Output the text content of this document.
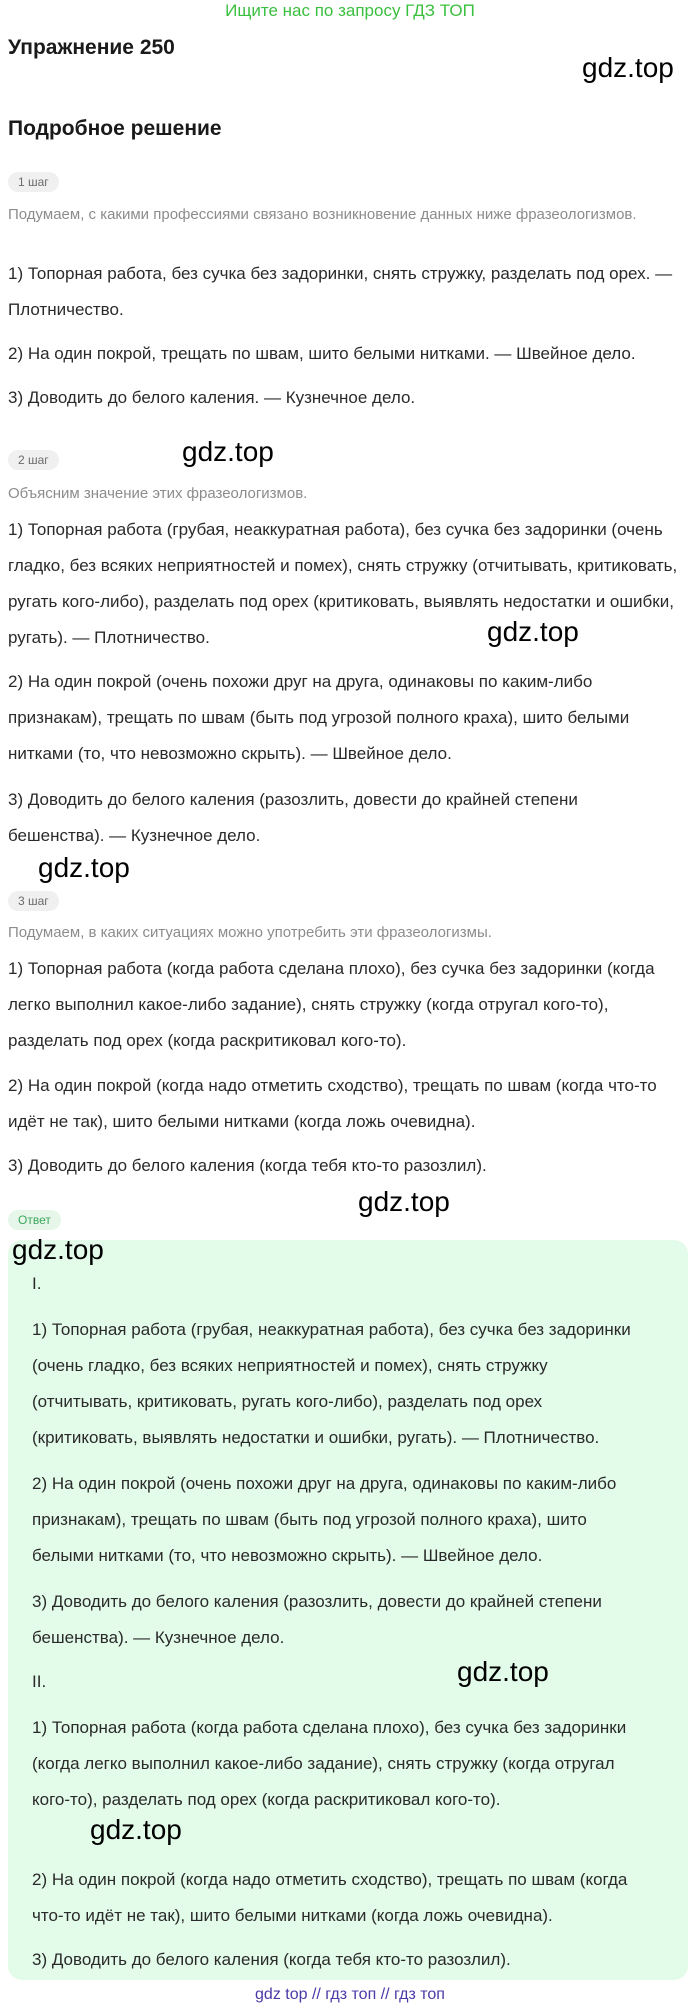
Ищите нас по запросу ГДЗ ТОП
Упражнение 250
gdz.top
Подробное решение
1 шаг
Подумаем, с какими профессиями связано возникновение данных ниже фразеологизмов.

1) Топорная работа, без сучка без задоринки, снять стружку, разделать под орех. — Плотничество.

2) На один покрой, трещать по швам, шито белыми нитками. — Швейное дело.

3) Доводить до белого каления. — Кузнечное дело.

2 шаг	gdz.top
Объясним значение этих фразеологизмов.

1) Топорная работа (грубая, неаккуратная работа), без сучка без задоринки (очень гладко, без всяких неприятностей и помех), снять стружку (отчитывать, критиковать, ругать кого-либо), разделать под орех (критиковать, выявлять недостатки и ошибки, ругать). — Плотничество.	gdz.top

2) На один покрой (очень похожи друг на друга, одинаковы по каким-либо признакам), трещать по швам (быть под угрозой полного краха), шито белыми нитками (то, что невозможно скрыть). — Швейное дело.

3) Доводить до белого каления (разозлить, довести до крайней степени бешенства). — Кузнечное дело.

gdz.top
3 шаг
Подумаем, в каких ситуациях можно употребить эти фразеологизмы.

1) Топорная работа (когда работа сделана плохо), без сучка без задоринки (когда легко выполнил какое-либо задание), снять стружку (когда отругал кого-то), разделать под орех (когда раскритиковал кого-то).

2) На один покрой (когда надо отметить сходство), трещать по швам (когда что-то идёт не так), шито белыми нитками (когда ложь очевидна).

3) Доводить до белого каления (когда тебя кто-то разозлил).

gdz.top
Ответ
gdz.top

I.

1) Топорная работа (грубая, неаккуратная работа), без сучка без задоринки (очень гладко, без всяких неприятностей и помех), снять стружку (отчитывать, критиковать, ругать кого-либо), разделать под орех (критиковать, выявлять недостатки и ошибки, ругать). — Плотничество.

2) На один покрой (очень похожи друг на друга, одинаковы по каким-либо признакам), трещать по швам (быть под угрозой полного краха), шито белыми нитками (то, что невозможно скрыть). — Швейное дело.

3) Доводить до белого каления (разозлить, довести до крайней степени бешенства). — Кузнечное дело.

II.	gdz.top

1) Топорная работа (когда работа сделана плохо), без сучка без задоринки (когда легко выполнил какое-либо задание), снять стружку (когда отругал кого-то), разделать под орех (когда раскритиковал кого-то).

gdz.top

2) На один покрой (когда надо отметить сходство), трещать по швам (когда что-то идёт не так), шито белыми нитками (когда ложь очевидна).

3) Доводить до белого каления (когда тебя кто-то разозлил).

gdz top // гдз топ // гдз топ
